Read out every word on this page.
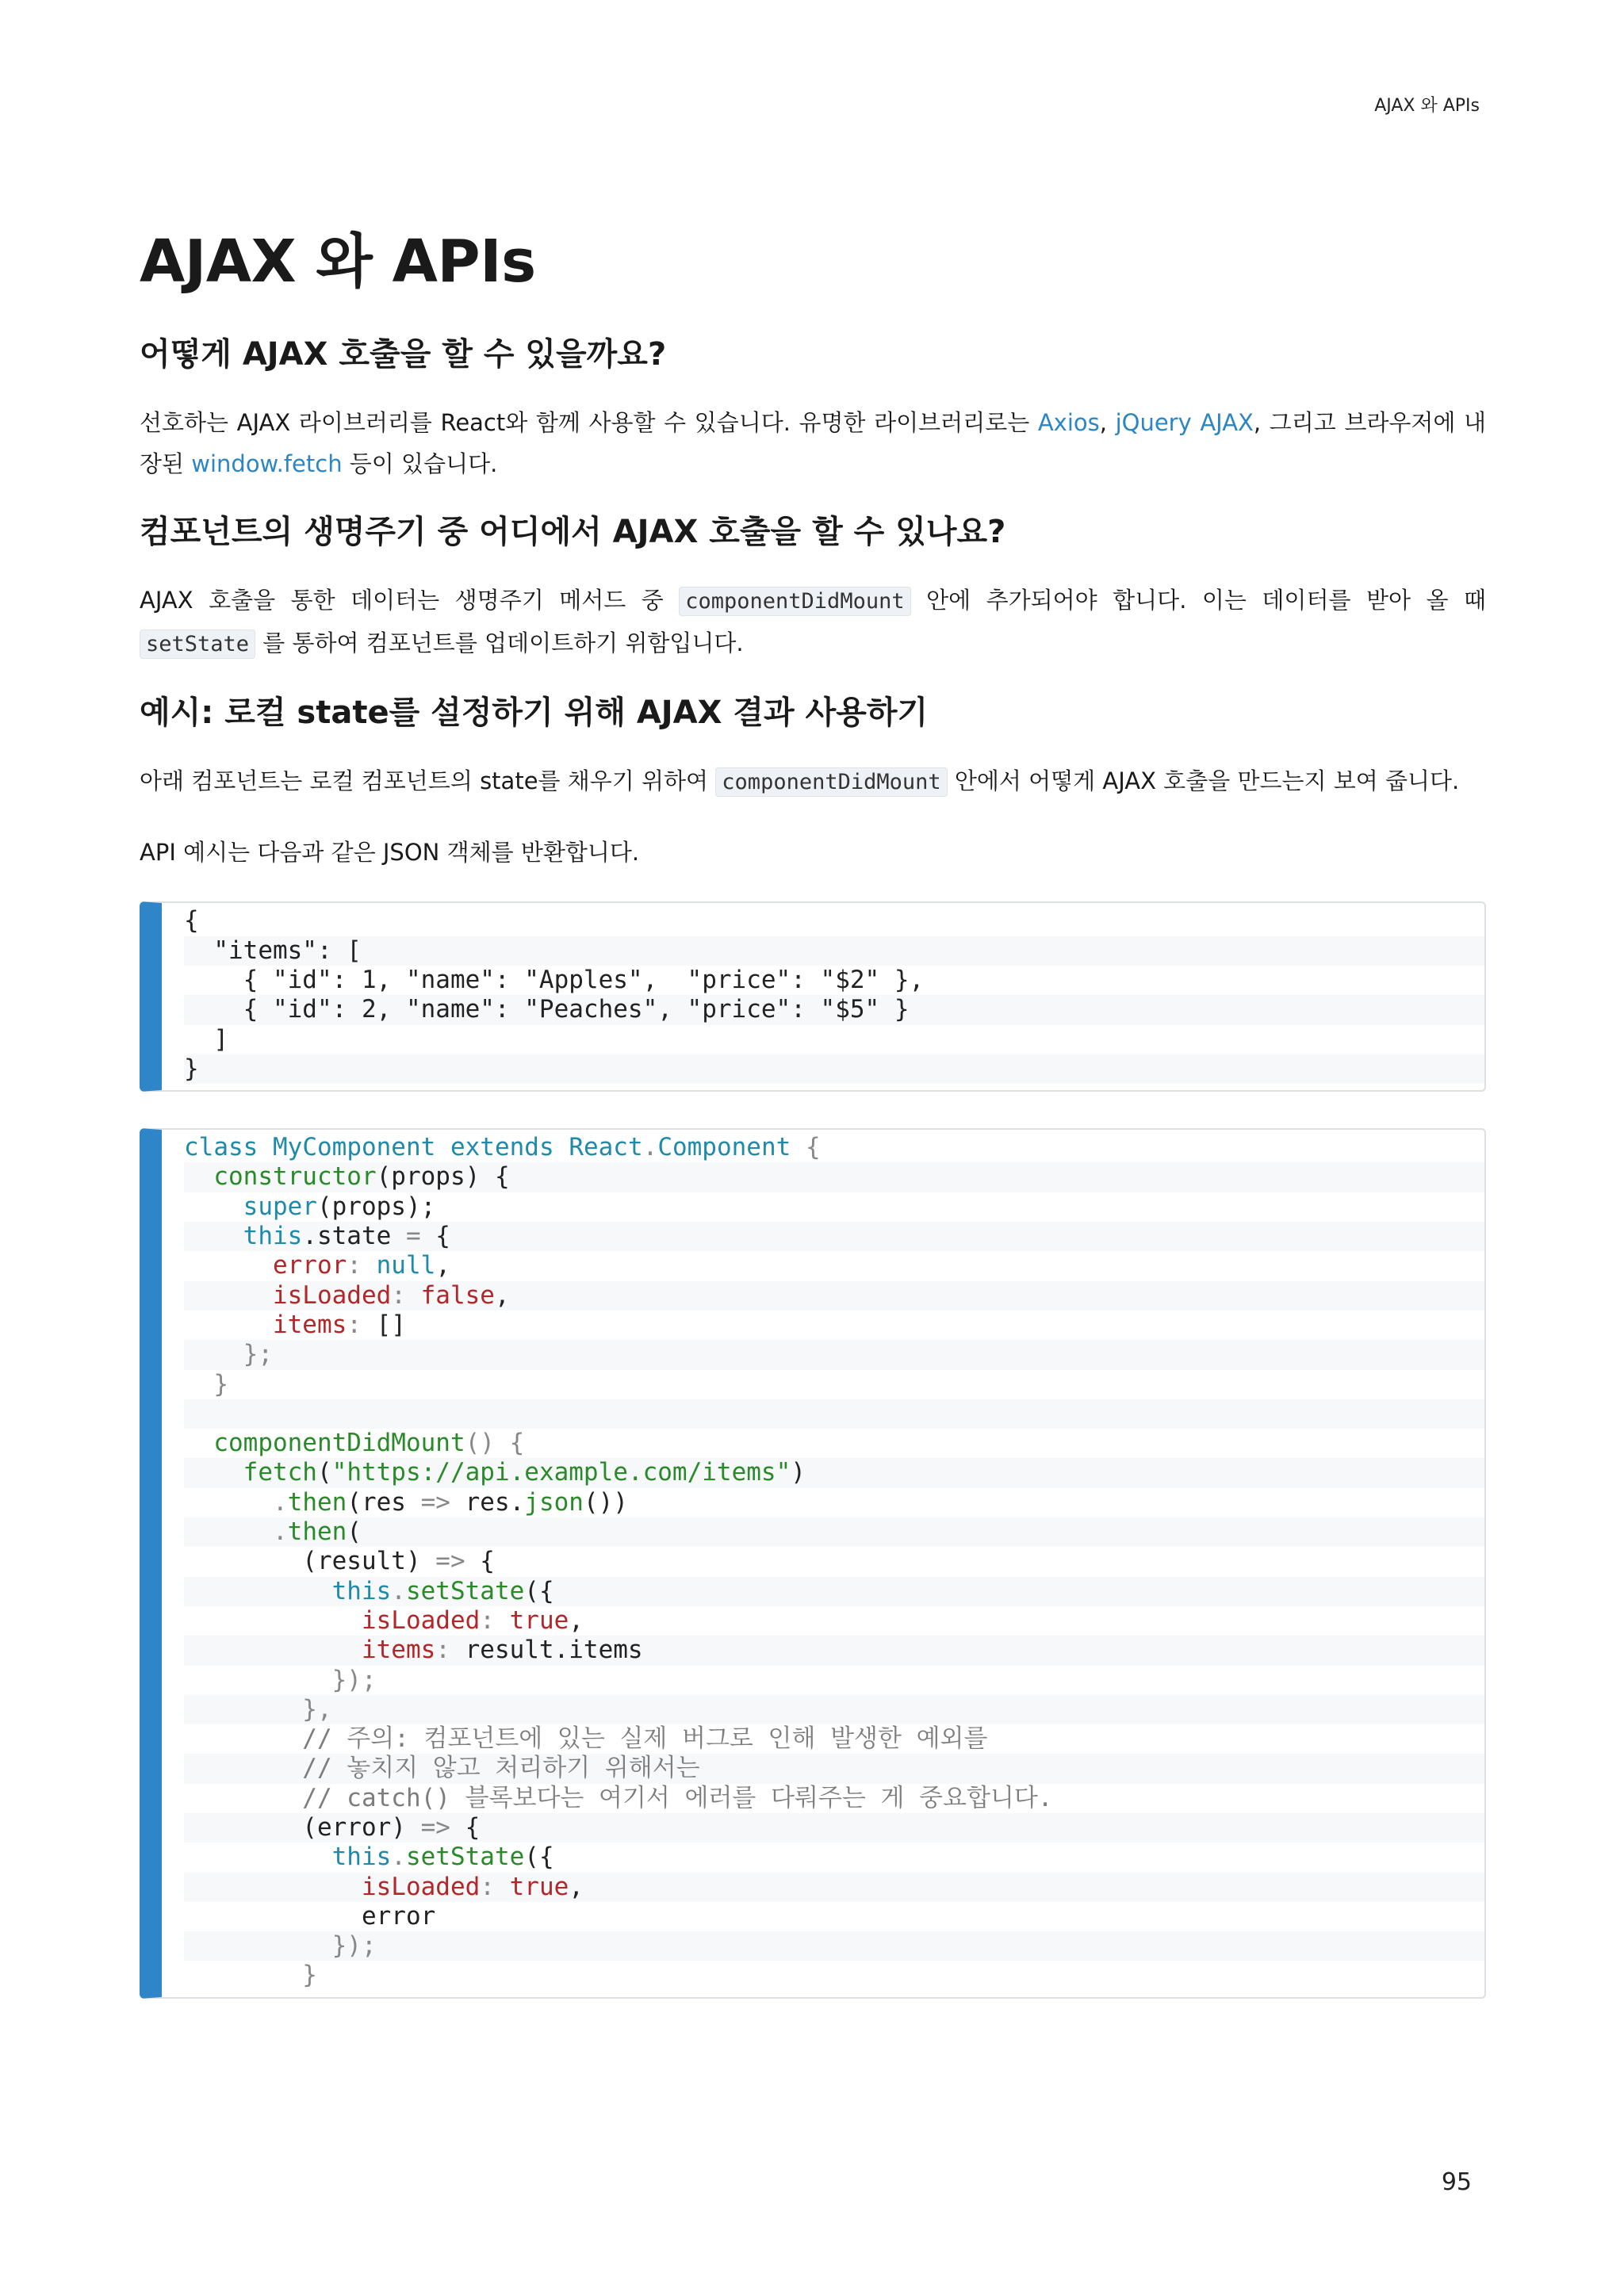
AJAX 와 APIs
AJAX 와 APIs
어떻게 AJAX 호출을 할 수 있을까요?

선호하는 AJAX 라이브러리를 React와 함께 사용할 수 있습니다. 유명한 라이브러리로는 Axios, jQuery AJAX, 그리고 브라우저에 내장된 window.fetch 등이 있습니다.

컴포넌트의 생명주기 중 어디에서 AJAX 호출을 할 수 있나요?

AJAX 호출을 통한 데이터는 생명주기 메서드 중 componentDidMount 안에 추가되어야 합니다. 이는 데이터를 받아 올 때 setState 를 통하여 컴포넌트를 업데이트하기 위함입니다.

예시: 로컬 state를 설정하기 위해 AJAX 결과 사용하기

아래 컴포넌트는 로컬 컴포넌트의 state를 채우기 위하여 componentDidMount 안에서 어떻게 AJAX 호출을 만드는지 보여 줍니다.

API 예시는 다음과 같은 JSON 객체를 반환합니다.

{
"items": [
{ "id": 1, "name": "Apples",  "price": "$2" },
{ "id": 2, "name": "Peaches", "price": "$5" }
]
}
class MyComponent extends React.Component {
constructor(props) {
super(props);
this.state = {
error: null,
isLoaded: false,
items: []
};
}
componentDidMount() {
fetch("https://api.example.com/items")
.then(res => res.json())
.then(
(result) => {
this.setState({
isLoaded: true,
items: result.items
});
},
// 주의: 컴포넌트에 있는 실제 버그로 인해 발생한 예외를
// 놓치지 않고 처리하기 위해서는
// catch() 블록보다는 여기서 에러를 다뤄주는 게 중요합니다.
(error) => {
this.setState({
isLoaded: true,
error
});
}
95
